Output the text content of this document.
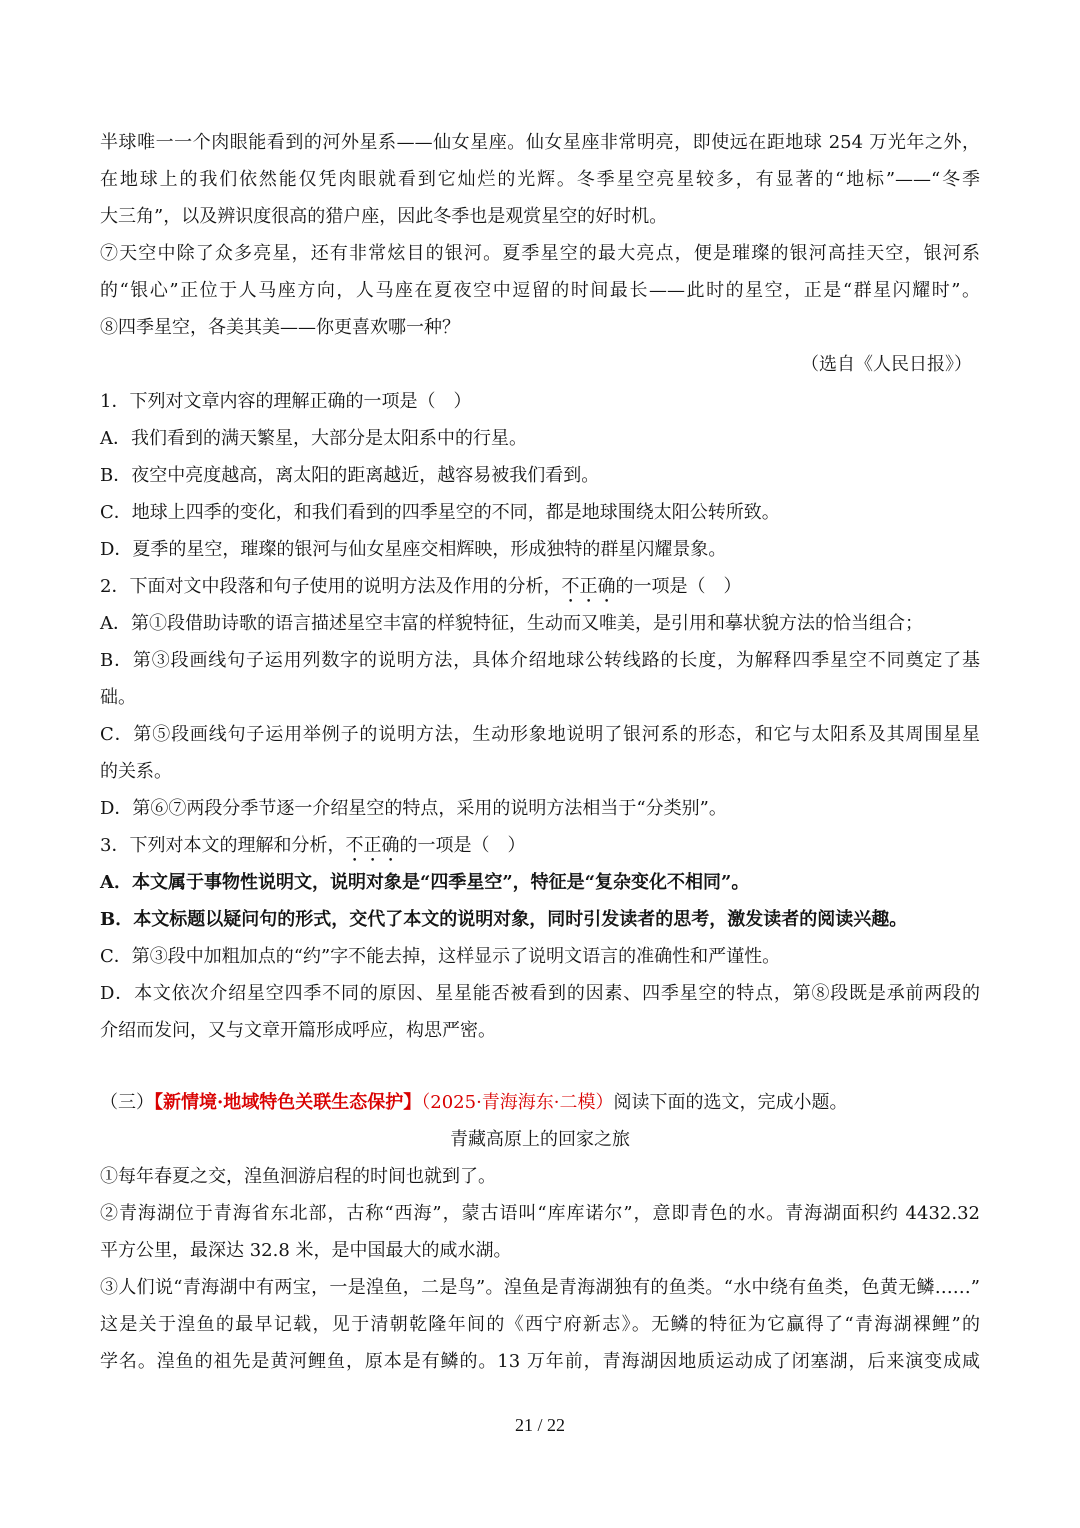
半球唯一一个肉眼能看到的河外星系——仙女星座。仙女星座非常明亮，即使远在距地球 254 万光年之外，
在地球上的我们依然能仅凭肉眼就看到它灿烂的光辉。冬季星空亮星较多，有显著的“地标”——“冬季
大三角”，以及辨识度很高的猎户座，因此冬季也是观赏星空的好时机。
⑦天空中除了众多亮星，还有非常炫目的银河。夏季星空的最大亮点，便是璀璨的银河高挂天空，银河系
的“银心”正位于人马座方向，人马座在夏夜空中逗留的时间最长——此时的星空，正是“群星闪耀时”。
⑧四季星空，各美其美——你更喜欢哪一种？
（选自《人民日报》）
1．下列对文章内容的理解正确的一项是（　）
A．我们看到的满天繁星，大部分是太阳系中的行星。
B．夜空中亮度越高，离太阳的距离越近，越容易被我们看到。
C．地球上四季的变化，和我们看到的四季星空的不同，都是地球围绕太阳公转所致。
D．夏季的星空，璀璨的银河与仙女星座交相辉映，形成独特的群星闪耀景象。
2．下面对文中段落和句子使用的说明方法及作用的分析，不正确的一项是（　）
A．第①段借助诗歌的语言描述星空丰富的样貌特征，生动而又唯美，是引用和摹状貌方法的恰当组合；
B．第③段画线句子运用列数字的说明方法，具体介绍地球公转线路的长度，为解释四季星空不同奠定了基
础。
C．第⑤段画线句子运用举例子的说明方法，生动形象地说明了银河系的形态，和它与太阳系及其周围星星
的关系。
D．第⑥⑦两段分季节逐一介绍星空的特点，采用的说明方法相当于“分类别”。
3．下列对本文的理解和分析，不正确的一项是（　）
A．本文属于事物性说明文，说明对象是“四季星空”，特征是“复杂变化不相同”。
B．本文标题以疑问句的形式，交代了本文的说明对象，同时引发读者的思考，激发读者的阅读兴趣。
C．第③段中加粗加点的“约”字不能去掉，这样显示了说明文语言的准确性和严谨性。
D．本文依次介绍星空四季不同的原因、星星能否被看到的因素、四季星空的特点，第⑧段既是承前两段的
介绍而发问，又与文章开篇形成呼应，构思严密。
（三）【新情境·地域特色关联生态保护】（2025·青海海东·二模）阅读下面的选文，完成小题。
青藏高原上的回家之旅
①每年春夏之交，湟鱼洄游启程的时间也就到了。
②青海湖位于青海省东北部，古称“西海”，蒙古语叫“库库诺尔”，意即青色的水。青海湖面积约 4432.32
平方公里，最深达 32.8 米，是中国最大的咸水湖。
③人们说“青海湖中有两宝，一是湟鱼，二是鸟”。湟鱼是青海湖独有的鱼类。“水中绕有鱼类，色黄无鳞……”
这是关于湟鱼的最早记载，见于清朝乾隆年间的《西宁府新志》。无鳞的特征为它赢得了“青海湖裸鲤”的
学名。湟鱼的祖先是黄河鲤鱼，原本是有鳞的。13 万年前，青海湖因地质运动成了闭塞湖，后来演变成咸
21 / 22
